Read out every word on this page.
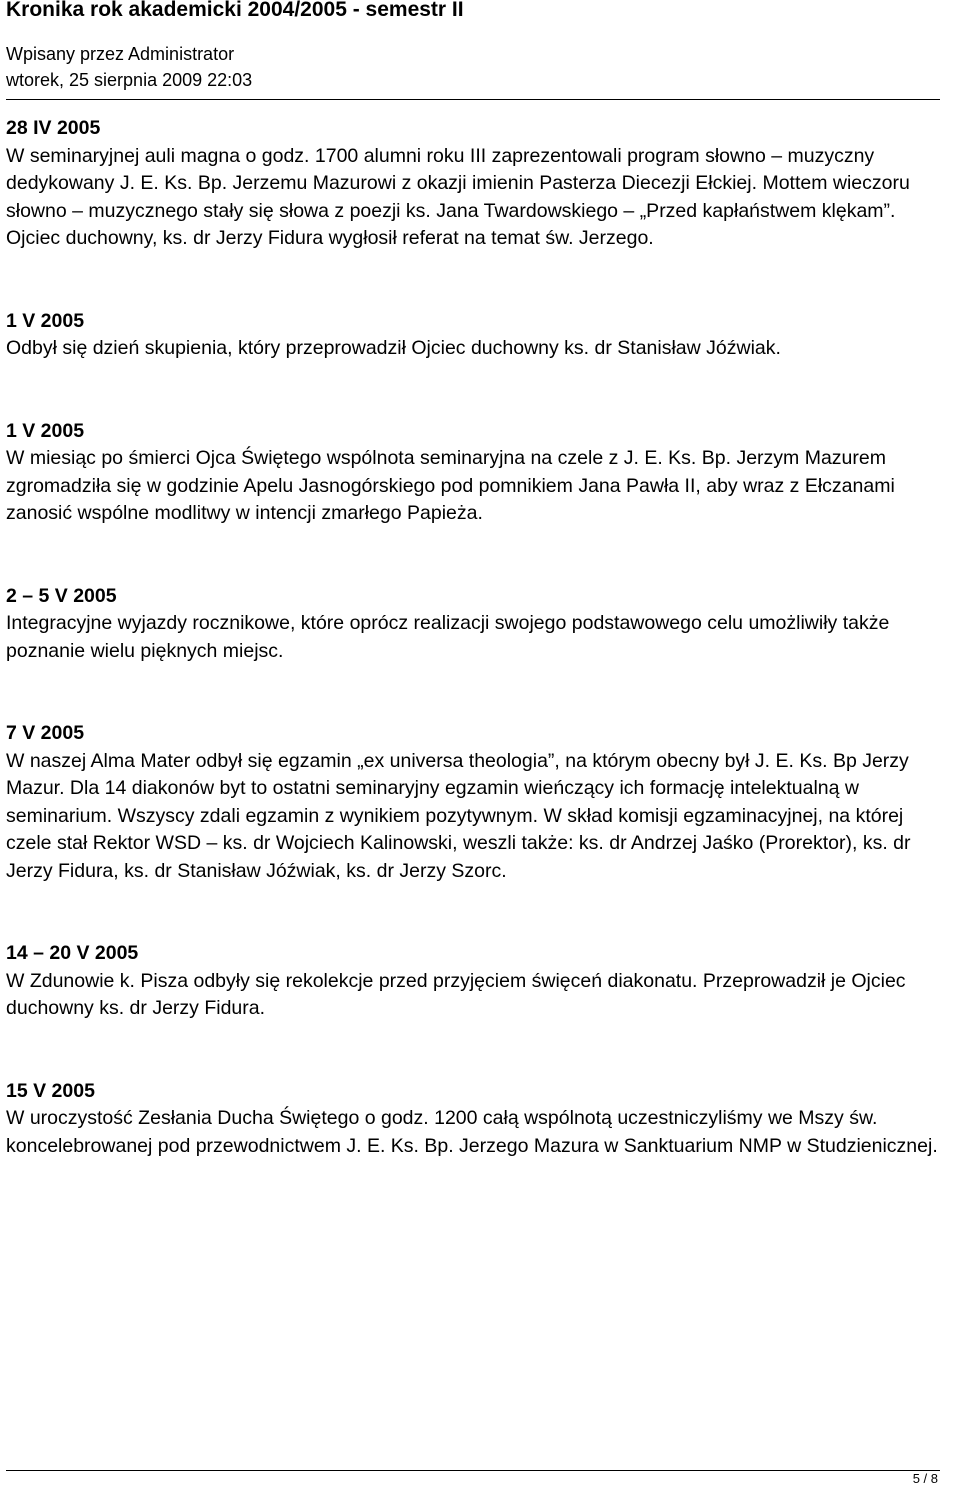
Kronika rok akademicki 2004/2005 - semestr II
Wpisany przez Administrator
wtorek, 25 sierpnia 2009 22:03
28 IV 2005
W seminaryjnej auli magna o godz. 1700 alumni roku III zaprezentowali program słowno – muzyczny dedykowany J. E. Ks. Bp. Jerzemu Mazurowi z okazji imienin Pasterza Diecezji Ełckiej. Mottem wieczoru słowno – muzycznego stały się słowa z poezji ks. Jana Twardowskiego – „Przed kapłaństwem klękam”. Ojciec duchowny, ks. dr Jerzy Fidura wygłosił referat na temat św. Jerzego.
1 V 2005
Odbył się dzień skupienia, który przeprowadził Ojciec duchowny ks. dr Stanisław Jóźwiak.
1 V 2005
W miesiąc po śmierci Ojca Świętego wspólnota seminaryjna na czele z J. E. Ks. Bp. Jerzym Mazurem zgromadziła się w godzinie Apelu Jasnogórskiego pod pomnikiem Jana Pawła II, aby wraz z Ełczanami zanosić wspólne modlitwy w intencji zmarłego Papieża.
2 – 5 V 2005
Integracyjne wyjazdy rocznikowe, które oprócz realizacji swojego podstawowego celu umożliwiły także poznanie wielu pięknych miejsc.
7 V 2005
W naszej Alma Mater odbył się egzamin „ex universa theologia”, na którym obecny był J. E. Ks. Bp Jerzy Mazur. Dla 14 diakonów byt to ostatni seminaryjny egzamin wieńczący ich formację intelektualną w seminarium. Wszyscy zdali egzamin z wynikiem pozytywnym. W skład komisji egzaminacyjnej, na której czele stał Rektor WSD – ks. dr Wojciech Kalinowski, weszli także: ks. dr Andrzej Jaśko (Prorektor), ks. dr Jerzy Fidura, ks. dr Stanisław Jóźwiak, ks. dr Jerzy Szorc.
14 – 20 V 2005
W Zdunowie k. Pisza odbyły się rekolekcje przed przyjęciem święceń diakonatu. Przeprowadził je Ojciec duchowny ks. dr Jerzy Fidura.
15 V 2005
W uroczystość Zesłania Ducha Świętego o godz. 1200 całą wspólnotą uczestniczyliśmy we Mszy św. koncelebrowanej pod przewodnictwem J. E. Ks. Bp. Jerzego Mazura w Sanktuarium NMP w Studzienicznej.
5 / 8
